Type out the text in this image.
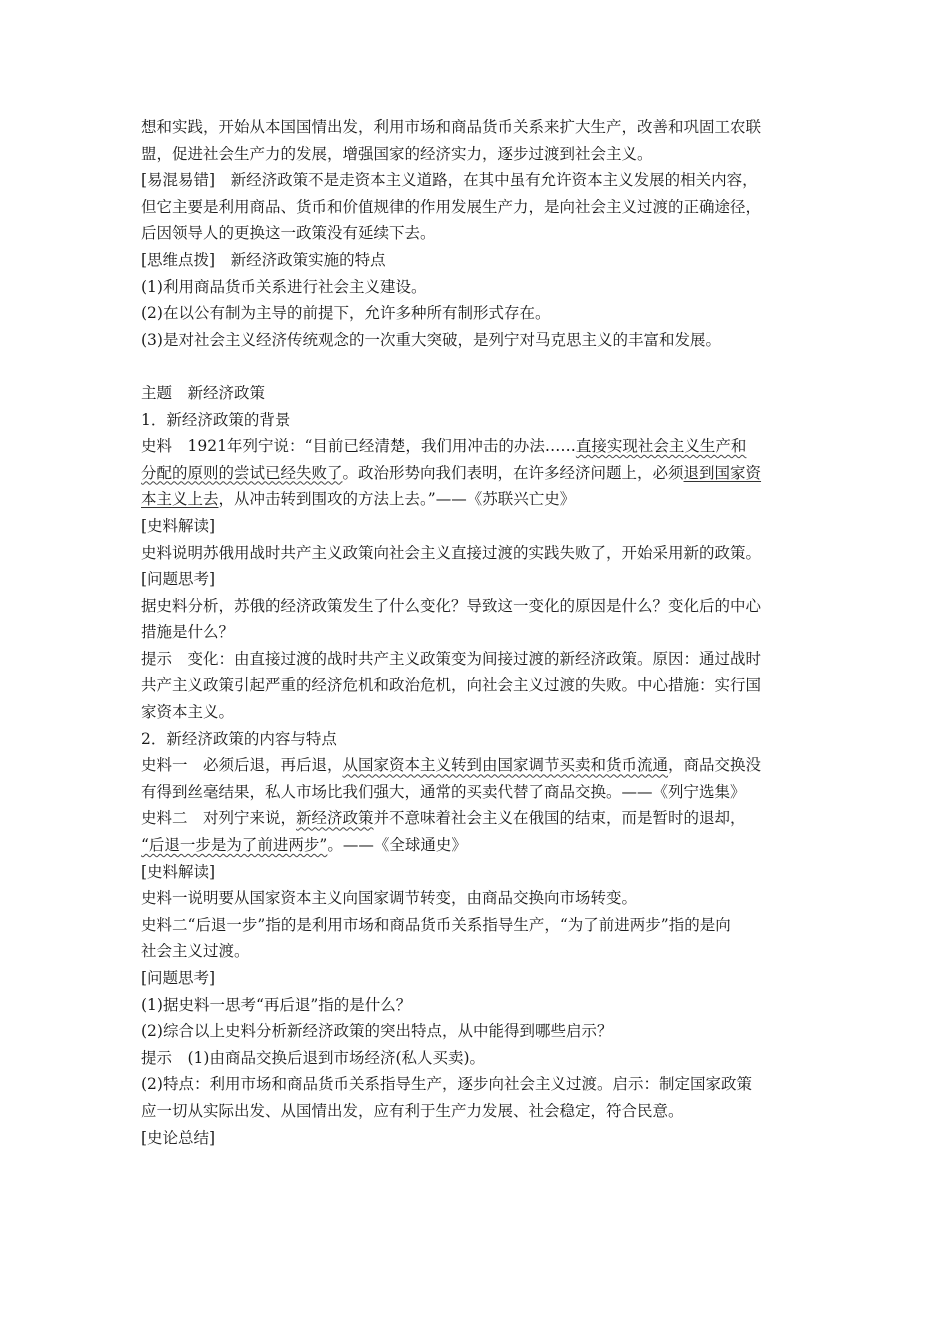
想和实践，开始从本国国情出发，利用市场和商品货币关系来扩大生产，改善和巩固工农联

盟，促进社会生产力的发展，增强国家的经济实力，逐步过渡到社会主义。

[易混易错]　新经济政策不是走资本主义道路，在其中虽有允许资本主义发展的相关内容，

但它主要是利用商品、货币和价值规律的作用发展生产力，是向社会主义过渡的正确途径，

后因领导人的更换这一政策没有延续下去。

[思维点拨]　新经济政策实施的特点

(1)利用商品货币关系进行社会主义建设。

(2)在以公有制为主导的前提下，允许多种所有制形式存在。

(3)是对社会主义经济传统观念的一次重大突破，是列宁对马克思主义的丰富和发展。

主题　新经济政策

1．新经济政策的背景

史料　1921年列宁说：“目前已经清楚，我们用冲击的办法……直接实现社会主义生产和

分配的原则的尝试已经失败了。政治形势向我们表明，在许多经济问题上，必须退到国家资

本主义上去，从冲击转到围攻的方法上去。”——《苏联兴亡史》

[史料解读]

史料说明苏俄用战时共产主义政策向社会主义直接过渡的实践失败了，开始采用新的政策。

[问题思考]

据史料分析，苏俄的经济政策发生了什么变化？导致这一变化的原因是什么？变化后的中心

措施是什么？

提示　变化：由直接过渡的战时共产主义政策变为间接过渡的新经济政策。原因：通过战时

共产主义政策引起严重的经济危机和政治危机，向社会主义过渡的失败。中心措施：实行国

家资本主义。

2．新经济政策的内容与特点

史料一　必须后退，再后退，从国家资本主义转到由国家调节买卖和货币流通，商品交换没

有得到丝毫结果，私人市场比我们强大，通常的买卖代替了商品交换。——《列宁选集》

史料二　对列宁来说，新经济政策并不意味着社会主义在俄国的结束，而是暂时的退却，

“后退一步是为了前进两步”。——《全球通史》

[史料解读]

史料一说明要从国家资本主义向国家调节转变，由商品交换向市场转变。

史料二“后退一步”指的是利用市场和商品货币关系指导生产，“为了前进两步”指的是向

社会主义过渡。

[问题思考]

(1)据史料一思考“再后退”指的是什么？

(2)综合以上史料分析新经济政策的突出特点，从中能得到哪些启示？

提示　(1)由商品交换后退到市场经济(私人买卖)。

(2)特点：利用市场和商品货币关系指导生产，逐步向社会主义过渡。启示：制定国家政策

应一切从实际出发、从国情出发，应有利于生产力发展、社会稳定，符合民意。

[史论总结]
